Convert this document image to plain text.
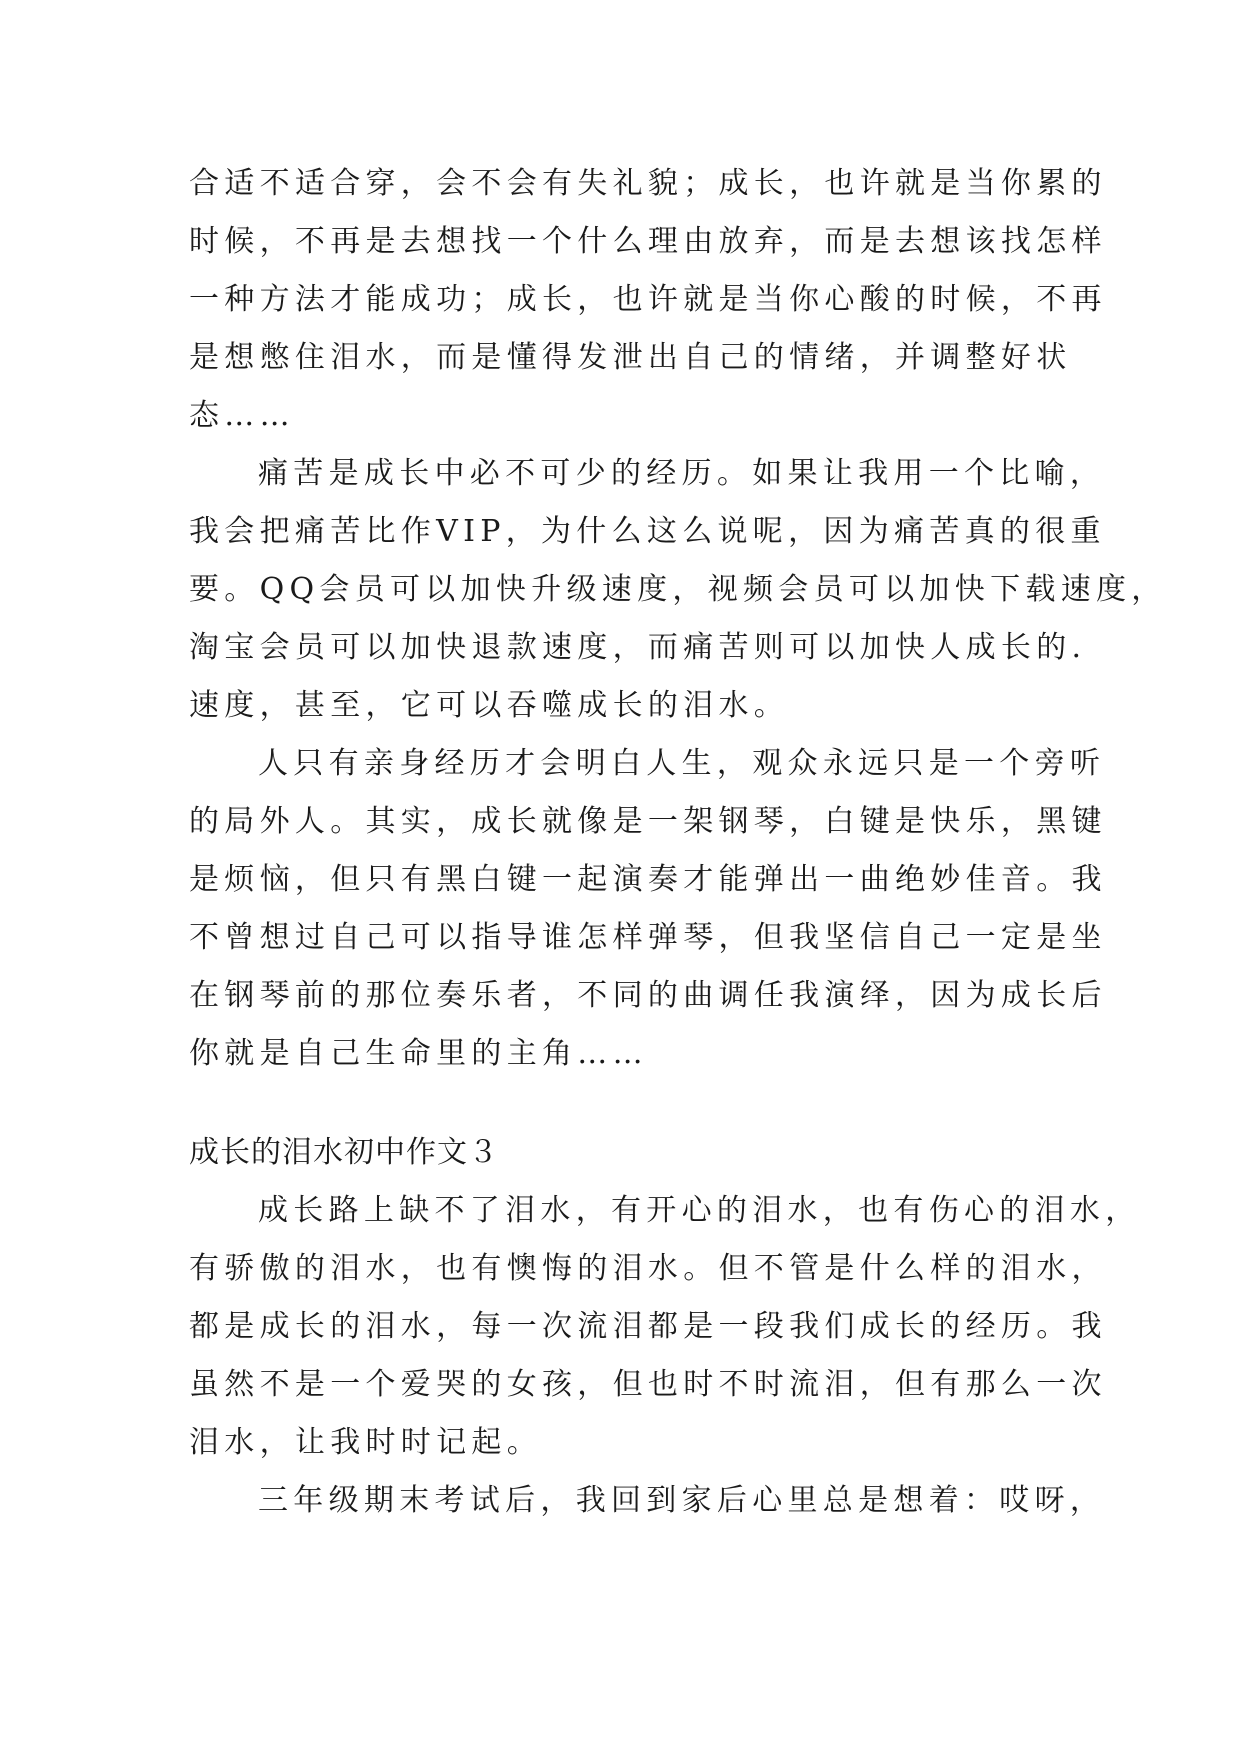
合适不适合穿，会不会有失礼貌；成长，也许就是当你累的
时候，不再是去想找一个什么理由放弃，而是去想该找怎样
一种方法才能成功；成长，也许就是当你心酸的时候，不再
是想憋住泪水，而是懂得发泄出自己的情绪，并调整好状
态……
痛苦是成长中必不可少的经历。如果让我用一个比喻，
我会把痛苦比作VIP，为什么这么说呢，因为痛苦真的很重
要。QQ会员可以加快升级速度，视频会员可以加快下载速度，
淘宝会员可以加快退款速度，而痛苦则可以加快人成长的.
速度，甚至，它可以吞噬成长的泪水。
人只有亲身经历才会明白人生，观众永远只是一个旁听
的局外人。其实，成长就像是一架钢琴，白键是快乐，黑键
是烦恼，但只有黑白键一起演奏才能弹出一曲绝妙佳音。我
不曾想过自己可以指导谁怎样弹琴，但我坚信自己一定是坐
在钢琴前的那位奏乐者，不同的曲调任我演绎，因为成长后
你就是自己生命里的主角……
成长的泪水初中作文３
成长路上缺不了泪水，有开心的泪水，也有伤心的泪水，
有骄傲的泪水，也有懊悔的泪水。但不管是什么样的泪水，
都是成长的泪水，每一次流泪都是一段我们成长的经历。我
虽然不是一个爱哭的女孩，但也时不时流泪，但有那么一次
泪水，让我时时记起。
三年级期末考试后，我回到家后心里总是想着：哎呀，
